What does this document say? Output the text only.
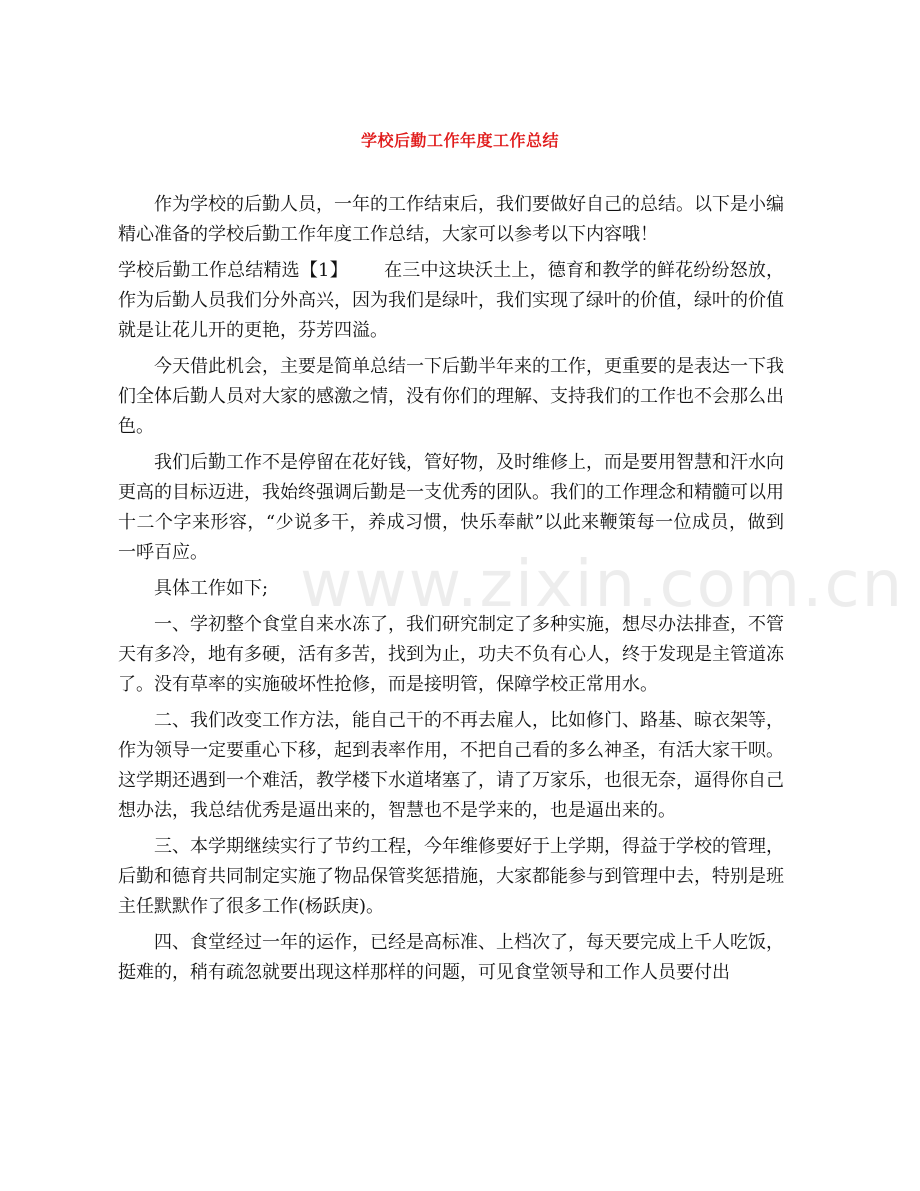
学校后勤工作年度工作总结

作为学校的后勤人员，一年的工作结束后，我们要做好自己的总结。以下是小编精心准备的学校后勤工作年度工作总结，大家可以参考以下内容哦！

学校后勤工作总结精选【1】 在三中这块沃土上，德育和教学的鲜花纷纷怒放，作为后勤人员我们分外高兴，因为我们是绿叶，我们实现了绿叶的价值，绿叶的价值就是让花儿开的更艳，芬芳四溢。

今天借此机会，主要是简单总结一下后勤半年来的工作，更重要的是表达一下我们全体后勤人员对大家的感激之情，没有你们的理解、支持我们的工作也不会那么出色。

我们后勤工作不是停留在花好钱，管好物，及时维修上，而是要用智慧和汗水向更高的目标迈进，我始终强调后勤是一支优秀的团队。我们的工作理念和精髓可以用十二个字来形容，“少说多干，养成习惯，快乐奉献”以此来鞭策每一位成员，做到一呼百应。

具体工作如下;

一、学初整个食堂自来水冻了，我们研究制定了多种实施，想尽办法排查，不管天有多冷，地有多硬，活有多苦，找到为止，功夫不负有心人，终于发现是主管道冻了。没有草率的实施破坏性抢修，而是接明管，保障学校正常用水。

二、我们改变工作方法，能自己干的不再去雇人，比如修门、路基、晾衣架等，作为领导一定要重心下移，起到表率作用，不把自己看的多么神圣，有活大家干呗。这学期还遇到一个难活，教学楼下水道堵塞了，请了万家乐，也很无奈，逼得你自己想办法，我总结优秀是逼出来的，智慧也不是学来的，也是逼出来的。

三、本学期继续实行了节约工程，今年维修要好于上学期，得益于学校的管理，后勤和德育共同制定实施了物品保管奖惩措施，大家都能参与到管理中去，特别是班主任默默作了很多工作(杨跃庚)。

四、食堂经过一年的运作，已经是高标准、上档次了，每天要完成上千人吃饭，挺难的，稍有疏忽就要出现这样那样的问题，可见食堂领导和工作人员要付出

www.zixin.com.cn
